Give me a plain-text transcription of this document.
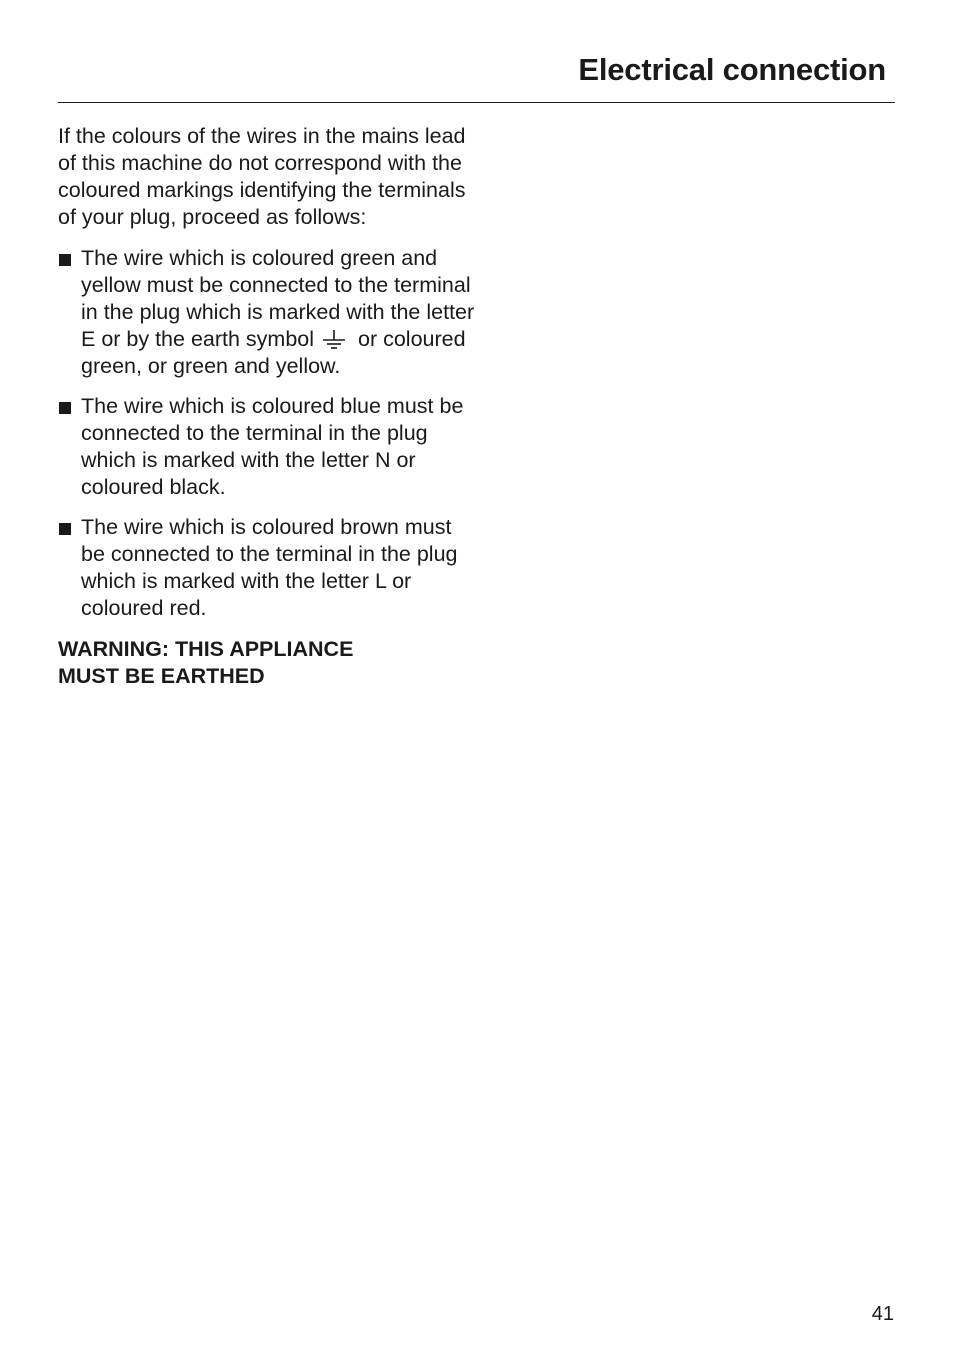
Electrical connection

If the colours of the wires in the mains lead of this machine do not correspond with the coloured markings identifying the terminals of your plug, proceed as follows:

The wire which is coloured green and yellow must be connected to the terminal in the plug which is marked with the letter E or by the earth symbol or coloured green, or green and yellow.
The wire which is coloured blue must be connected to the terminal in the plug which is marked with the letter N or coloured black.
The wire which is coloured brown must be connected to the terminal in the plug which is marked with the letter L or coloured red.

WARNING: THIS APPLIANCE
MUST BE EARTHED

41
